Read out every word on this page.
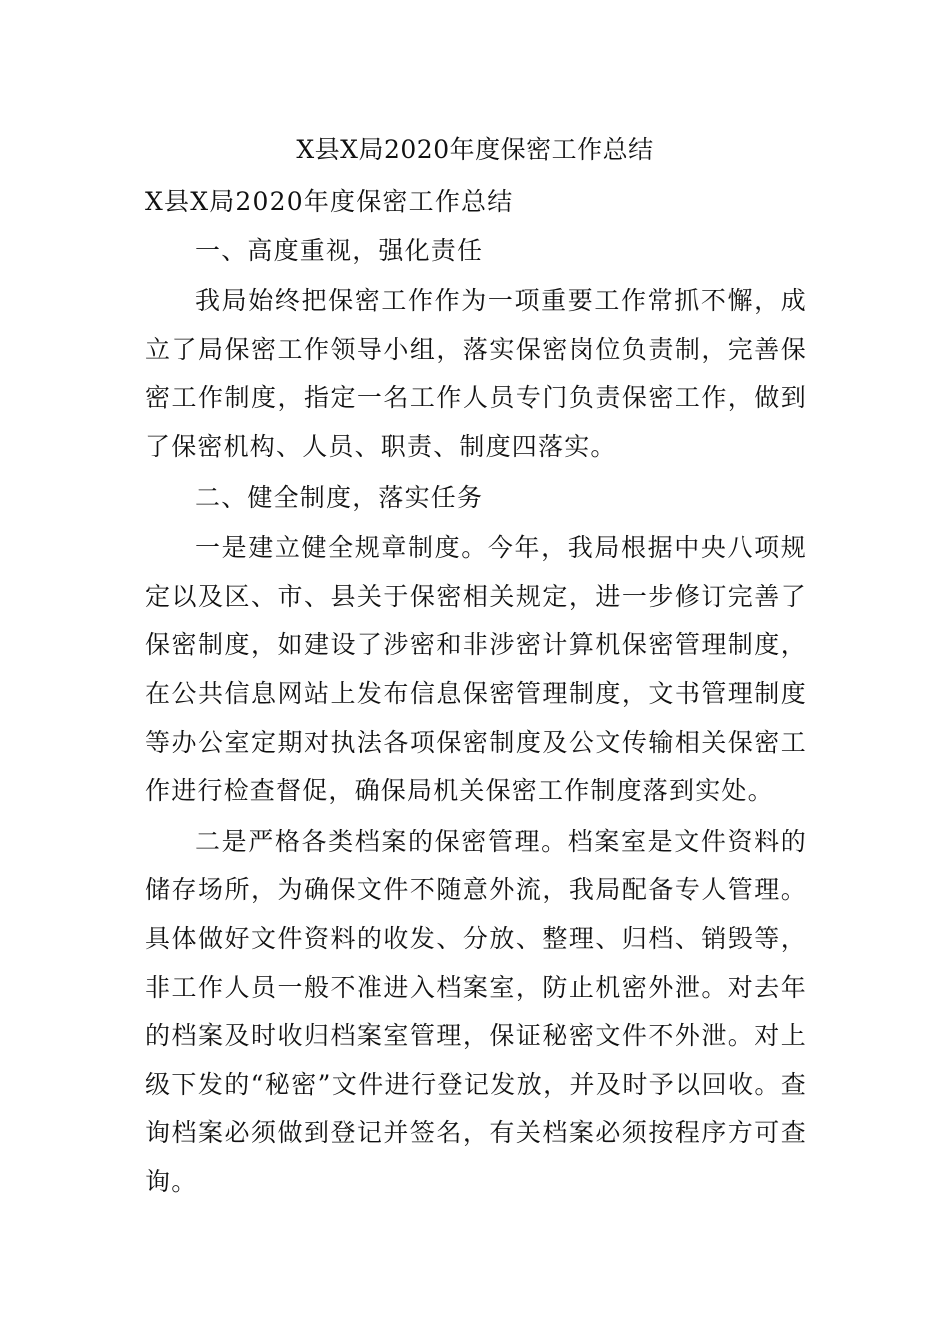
X县X局2020年度保密工作总结

X县X局2020年度保密工作总结

一、高度重视，强化责任

我局始终把保密工作作为一项重要工作常抓不懈，成立了局保密工作领导小组，落实保密岗位负责制，完善保密工作制度，指定一名工作人员专门负责保密工作，做到了保密机构、人员、职责、制度四落实。

二、健全制度，落实任务

一是建立健全规章制度。今年，我局根据中央八项规定以及区、市、县关于保密相关规定，进一步修订完善了保密制度，如建设了涉密和非涉密计算机保密管理制度，在公共信息网站上发布信息保密管理制度，文书管理制度等办公室定期对执法各项保密制度及公文传输相关保密工作进行检查督促，确保局机关保密工作制度落到实处。

二是严格各类档案的保密管理。档案室是文件资料的储存场所，为确保文件不随意外流，我局配备专人管理。具体做好文件资料的收发、分放、整理、归档、销毁等，非工作人员一般不准进入档案室，防止机密外泄。对去年的档案及时收归档案室管理，保证秘密文件不外泄。对上级下发的“秘密”文件进行登记发放，并及时予以回收。查询档案必须做到登记并签名，有关档案必须按程序方可查询。
